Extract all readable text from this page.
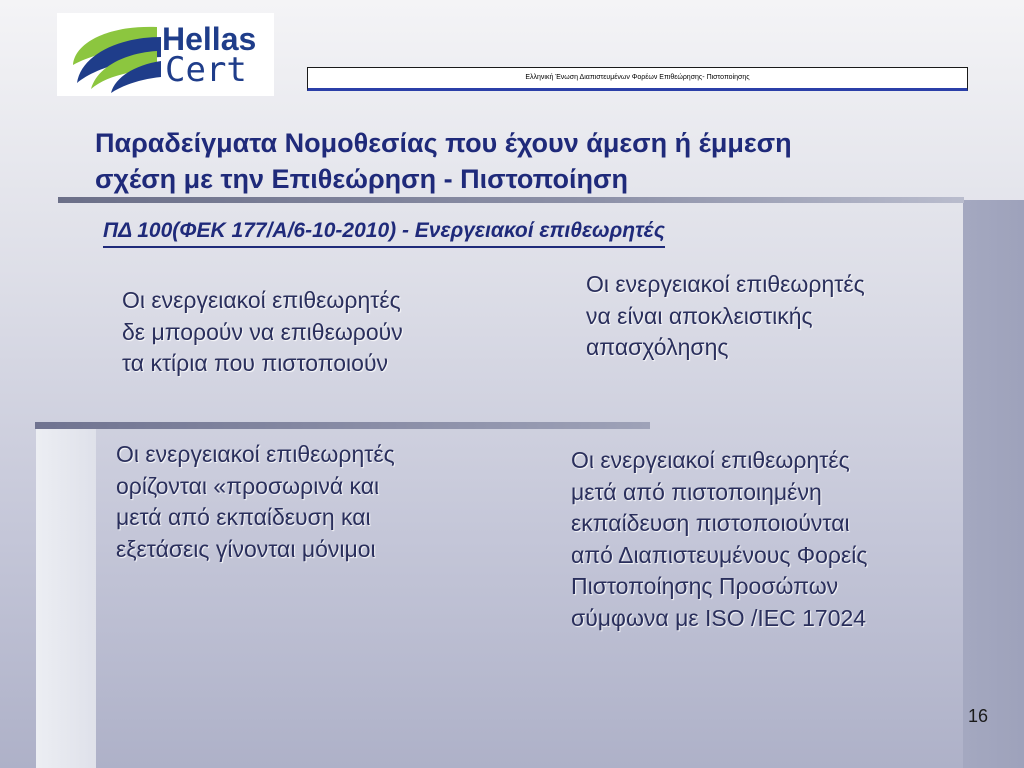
Hellas
Cert	Ελληνική Ένωση Διαπιστευμένων Φορέων Επιθεώρησης- Πιστοποίησης
Παραδείγματα Νομοθεσίας που έχουν άμεση ή έμμεση
σχέση με την Επιθεώρηση - Πιστοποίηση
ΠΔ 100(ΦΕΚ 177/Α/6-10-2010) - Ενεργειακοί επιθεωρητές

Οι ενεργειακοί επιθεωρητές
δε μπορούν να επιθεωρούν
τα κτίρια που πιστοποιούν

Οι ενεργειακοί επιθεωρητές
να είναι αποκλειστικής
απασχόλησης

Οι ενεργειακοί επιθεωρητές
ορίζονται «προσωρινά και
μετά από εκπαίδευση και
εξετάσεις γίνονται μόνιμοι

Οι ενεργειακοί επιθεωρητές
μετά από πιστοποιημένη
εκπαίδευση πιστοποιούνται
από Διαπιστευμένους Φορείς
Πιστοποίησης Προσώπων
σύμφωνα με ISO /IEC 17024

16
